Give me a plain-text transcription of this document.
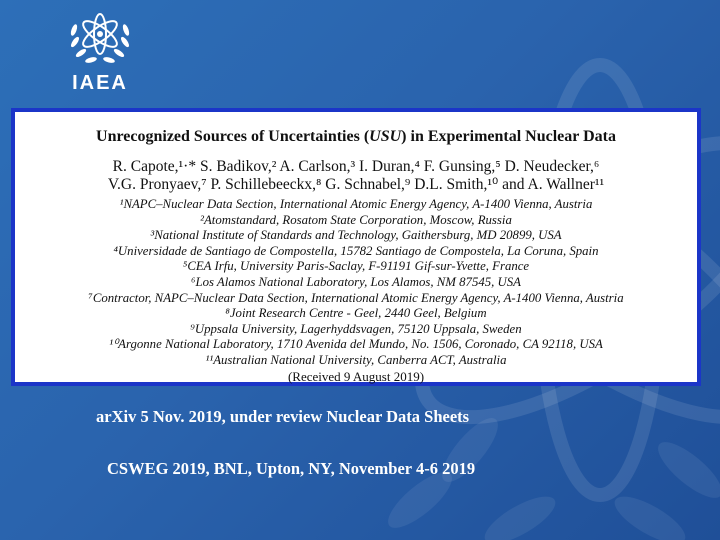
IAEA
Unrecognized Sources of Uncertainties (USU) in Experimental Nuclear Data
R. Capote,¹·* S. Badikov,² A. Carlson,³ I. Duran,⁴ F. Gunsing,⁵ D. Neudecker,⁶
V.G. Pronyaev,⁷ P. Schillebeeckx,⁸ G. Schnabel,⁹ D.L. Smith,¹⁰ and A. Wallner¹¹
¹NAPC–Nuclear Data Section, International Atomic Energy Agency, A-1400 Vienna, Austria
²Atomstandard, Rosatom State Corporation, Moscow, Russia
³National Institute of Standards and Technology, Gaithersburg, MD 20899, USA
⁴Universidade de Santiago de Compostella, 15782 Santiago de Compostela, La Coruna, Spain
⁵CEA Irfu, University Paris-Saclay, F-91191 Gif-sur-Yvette, France
⁶Los Alamos National Laboratory, Los Alamos, NM 87545, USA
⁷Contractor, NAPC–Nuclear Data Section, International Atomic Energy Agency, A-1400 Vienna, Austria
⁸Joint Research Centre - Geel, 2440 Geel, Belgium
⁹Uppsala University, Lagerhyddsvagen, 75120 Uppsala, Sweden
¹⁰Argonne National Laboratory, 1710 Avenida del Mundo, No. 1506, Coronado, CA 92118, USA
¹¹Australian National University, Canberra ACT, Australia
(Received 9 August 2019)
arXiv 5 Nov. 2019, under review Nuclear Data Sheets
CSWEG 2019, BNL, Upton, NY, November 4-6 2019
